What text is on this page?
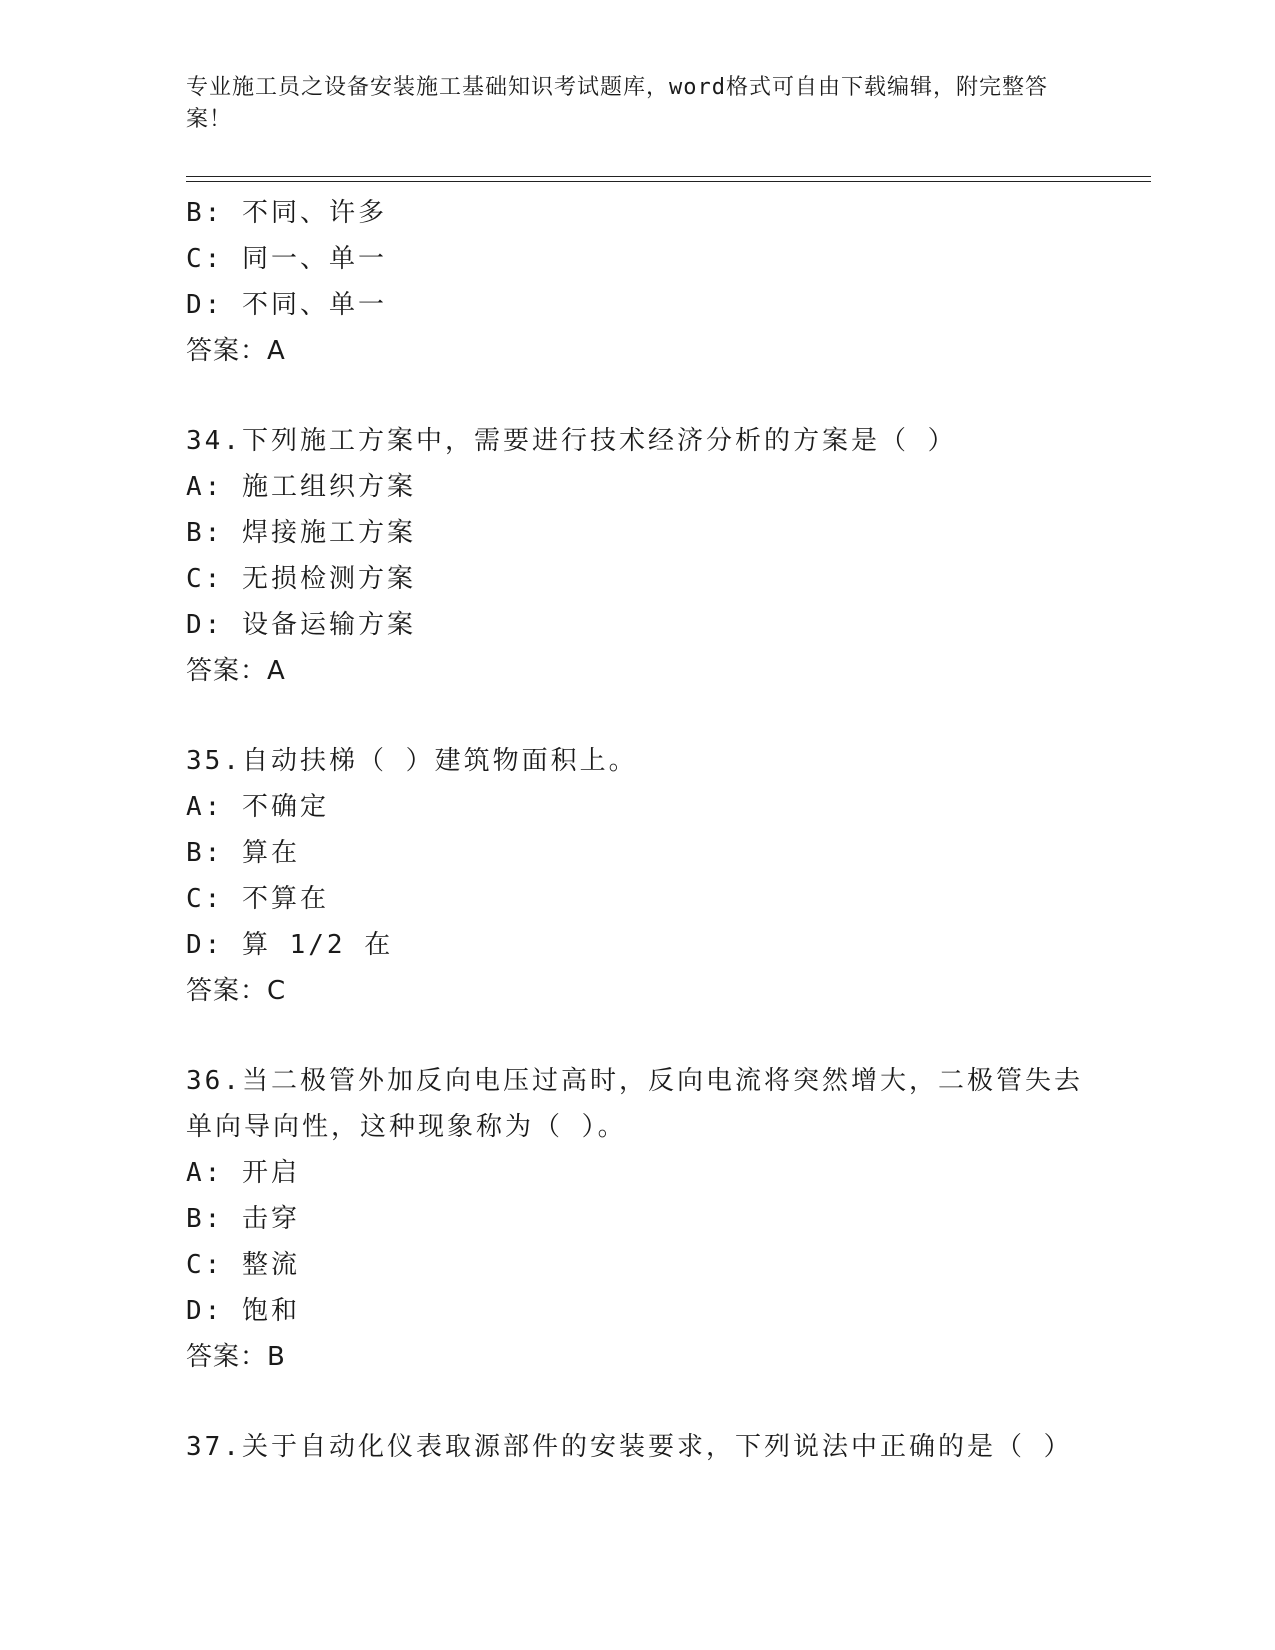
专业施工员之设备安装施工基础知识考试题库，word格式可自由下载编辑，附完整答案！
B: 不同、许多
C: 同一、单一
D: 不同、单一
答案：A
34.下列施工方案中，需要进行技术经济分析的方案是（ ）
A: 施工组织方案
B: 焊接施工方案
C: 无损检测方案
D: 设备运输方案
答案：A
35.自动扶梯（ ）建筑物面积上。
A: 不确定
B: 算在
C: 不算在
D: 算 1/2 在
答案：C
36.当二极管外加反向电压过高时，反向电流将突然增大，二极管失去单向导向性，这种现象称为（ ）。
A: 开启
B: 击穿
C: 整流
D: 饱和
答案：B
37.关于自动化仪表取源部件的安装要求，下列说法中正确的是（ ）
